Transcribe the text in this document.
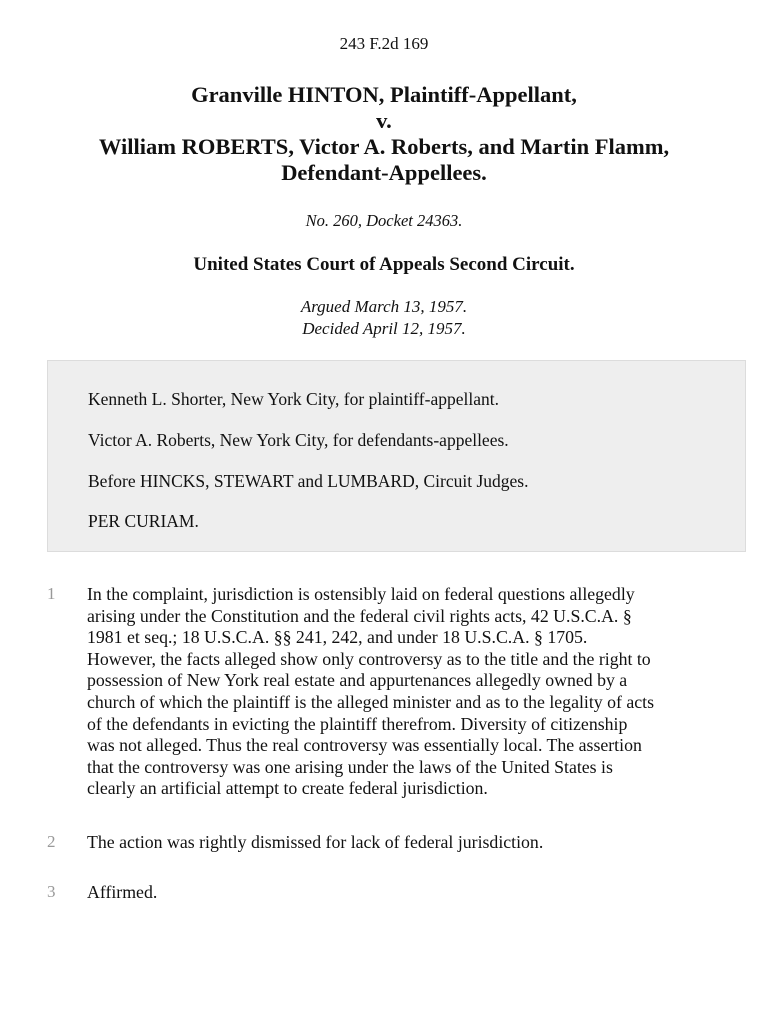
243 F.2d 169
Granville HINTON, Plaintiff-Appellant,
v.
William ROBERTS, Victor A. Roberts, and Martin Flamm,
Defendant-Appellees.
No. 260, Docket 24363.
United States Court of Appeals Second Circuit.
Argued March 13, 1957.
Decided April 12, 1957.

Kenneth L. Shorter, New York City, for plaintiff-appellant.

Victor A. Roberts, New York City, for defendants-appellees.

Before HINCKS, STEWART and LUMBARD, Circuit Judges.

PER CURIAM.

1 In the complaint, jurisdiction is ostensibly laid on federal questions allegedly
arising under the Constitution and the federal civil rights acts, 42 U.S.C.A. §
1981 et seq.; 18 U.S.C.A. §§ 241, 242, and under 18 U.S.C.A. § 1705.
However, the facts alleged show only controversy as to the title and the right to
possession of New York real estate and appurtenances allegedly owned by a
church of which the plaintiff is the alleged minister and as to the legality of acts
of the defendants in evicting the plaintiff therefrom. Diversity of citizenship
was not alleged. Thus the real controversy was essentially local. The assertion
that the controversy was one arising under the laws of the United States is
clearly an artificial attempt to create federal jurisdiction.
2 The action was rightly dismissed for lack of federal jurisdiction.
3 Affirmed.
